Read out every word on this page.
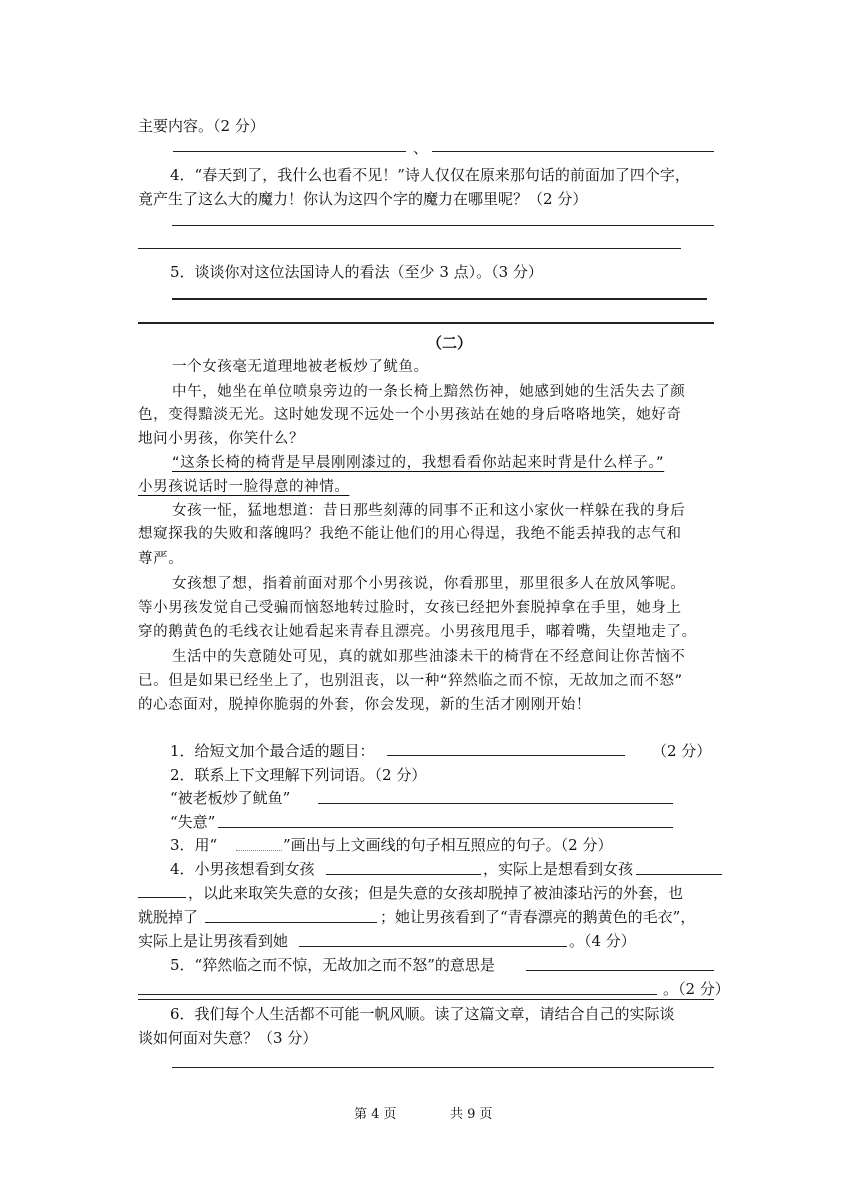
主要内容。（2 分）
、
4．“春天到了，我什么也看不见！”诗人仅仅在原来那句话的前面加了四个字，
竟产生了这么大的魔力！你认为这四个字的魔力在哪里呢？（2 分）
5．谈谈你对这位法国诗人的看法（至少 3 点）。（3 分）
（二）
一个女孩毫无道理地被老板炒了鱿鱼。
中午，她坐在单位喷泉旁边的一条长椅上黯然伤神，她感到她的生活失去了颜
色，变得黯淡无光。这时她发现不远处一个小男孩站在她的身后咯咯地笑，她好奇
地问小男孩，你笑什么？
“这条长椅的椅背是早晨刚刚漆过的，我想看看你站起来时背是什么样子。”
小男孩说话时一脸得意的神情。
女孩一怔，猛地想道：昔日那些刻薄的同事不正和这小家伙一样躲在我的身后
想窥探我的失败和落魄吗？我绝不能让他们的用心得逞，我绝不能丢掉我的志气和
尊严。
女孩想了想，指着前面对那个小男孩说，你看那里，那里很多人在放风筝呢。
等小男孩发觉自己受骗而恼怒地转过脸时，女孩已经把外套脱掉拿在手里，她身上
穿的鹅黄色的毛线衣让她看起来青春且漂亮。小男孩甩甩手，嘟着嘴，失望地走了。
生活中的失意随处可见，真的就如那些油漆未干的椅背在不经意间让你苦恼不
已。但是如果已经坐上了，也别沮丧，以一种“猝然临之而不惊，无故加之而不怒”
的心态面对，脱掉你脆弱的外套，你会发现，新的生活才刚刚开始！
1．给短文加个最合适的题目：	（2 分）
2．联系上下文理解下列词语。（2 分）
“被老板炒了鱿鱼”
“失意”
3．用“	”画出与上文画线的句子相互照应的句子。（2 分）
4．小男孩想看到女孩	，实际上是想看到女孩
，以此来取笑失意的女孩；但是失意的女孩却脱掉了被油漆玷污的外套，也
就脱掉了	；她让男孩看到了“青春漂亮的鹅黄色的毛衣”，
实际上是让男孩看到她	。（4 分）
5．“猝然临之而不惊，无故加之而不怒”的意思是
。（2 分）
6．我们每个人生活都不可能一帆风顺。读了这篇文章，请结合自己的实际谈
谈如何面对失意？（3 分）
第 4 页	共 9 页
